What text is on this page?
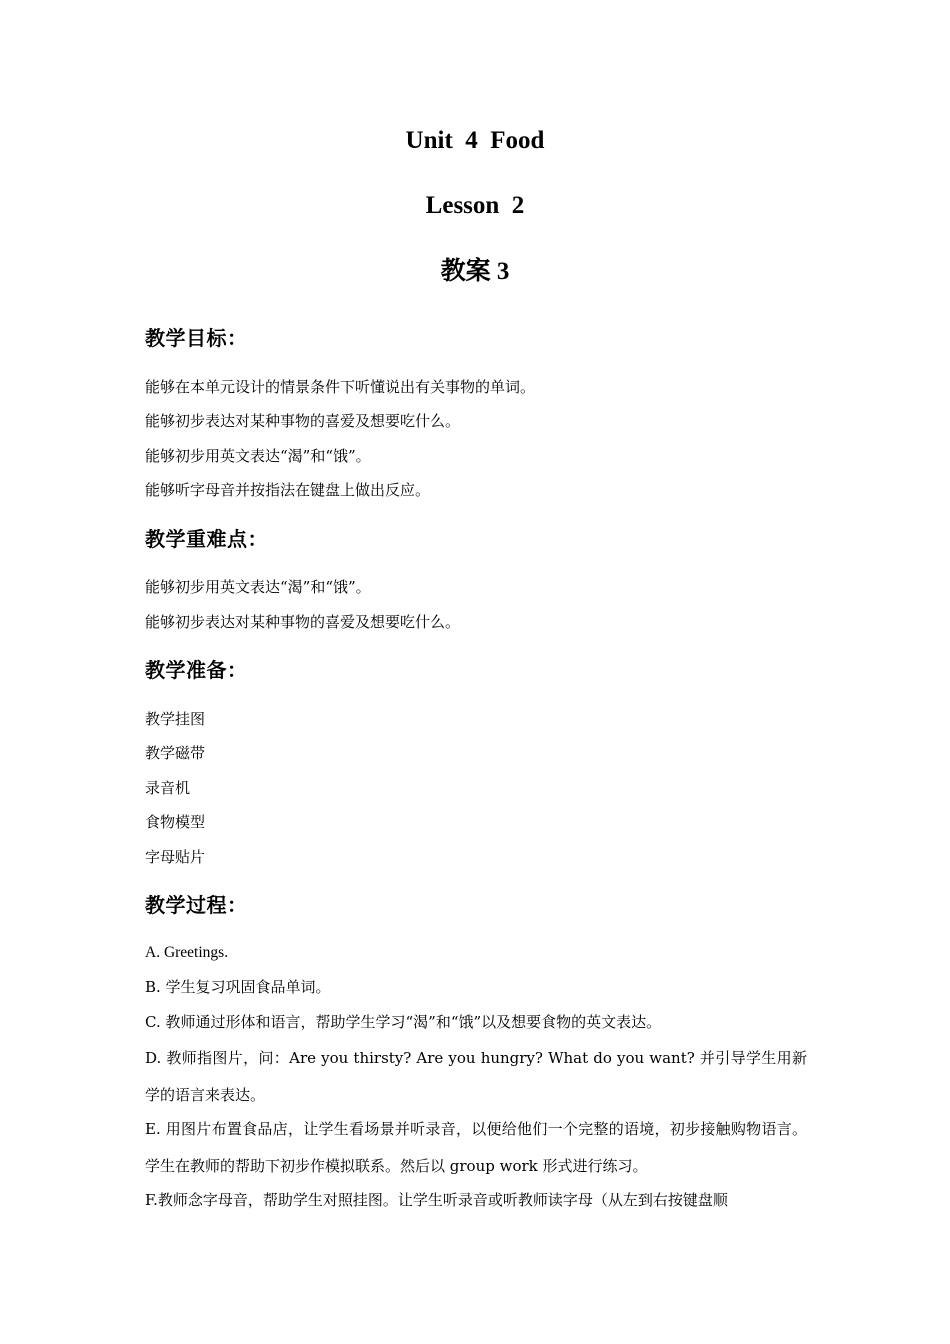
Unit  4  Food
Lesson  2
教案 3
教学目标：
能够在本单元设计的情景条件下听懂说出有关事物的单词。
能够初步表达对某种事物的喜爱及想要吃什么。
能够初步用英文表达“渴”和“饿”。
能够听字母音并按指法在键盘上做出反应。
教学重难点：
能够初步用英文表达“渴”和“饿”。
能够初步表达对某种事物的喜爱及想要吃什么。
教学准备：
教学挂图
教学磁带
录音机
食物模型
字母贴片
教学过程：
A. Greetings.
B. 学生复习巩固食品单词。
C. 教师通过形体和语言，帮助学生学习“渴”和“饿”以及想要食物的英文表达。
D. 教师指图片，问：Are you thirsty? Are you hungry? What do you want? 并引导学生用新学的语言来表达。
E. 用图片布置食品店，让学生看场景并听录音，以便给他们一个完整的语境，初步接触购物语言。学生在教师的帮助下初步作模拟联系。然后以 group work 形式进行练习。
F.教师念字母音，帮助学生对照挂图。让学生听录音或听教师读字母（从左到右按键盘顺
